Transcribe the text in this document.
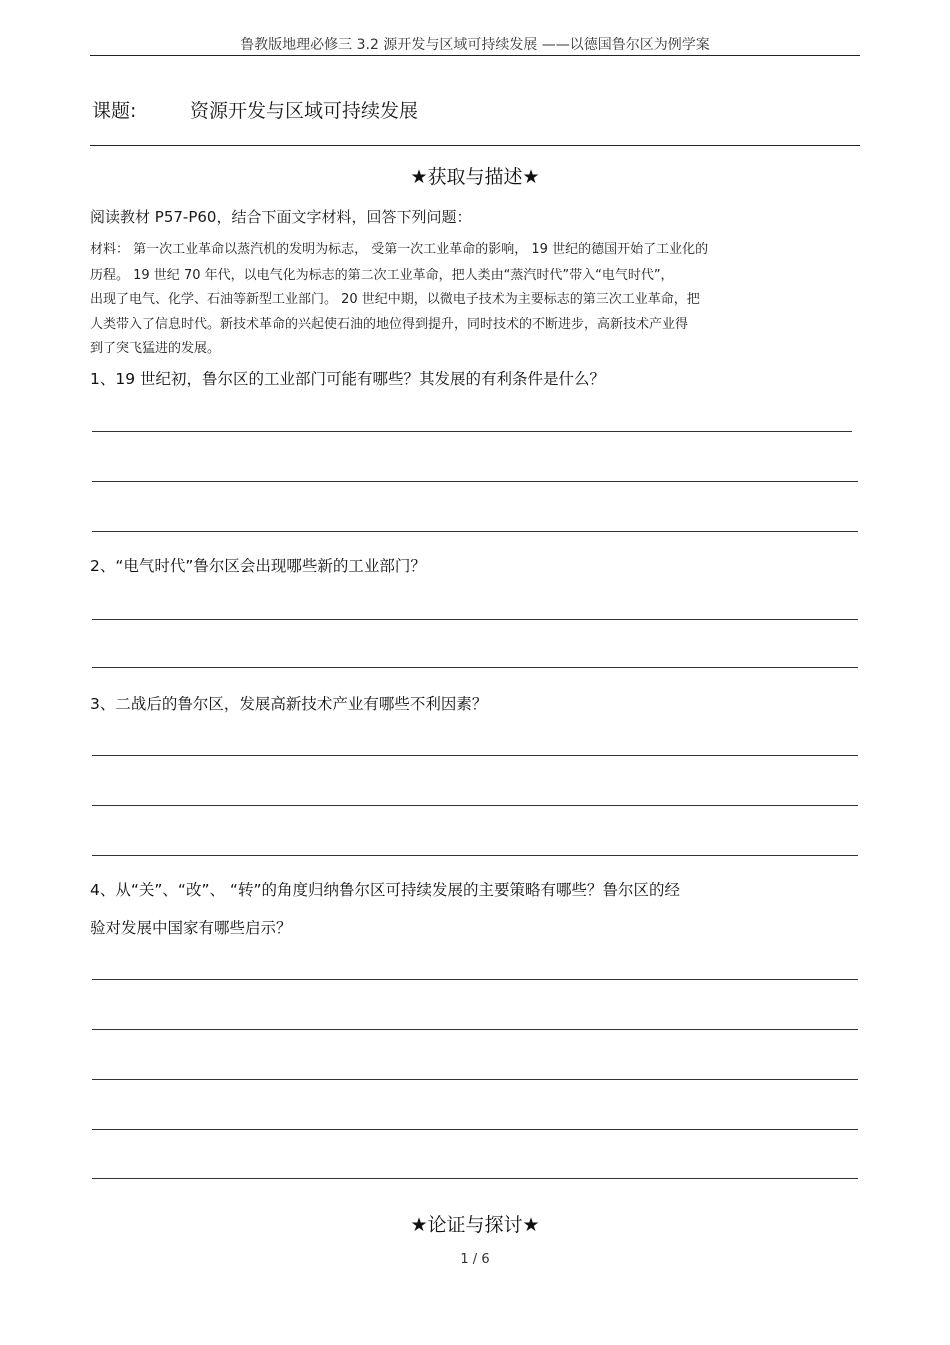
鲁教版地理必修三 3.2 源开发与区域可持续发展 ——以德国鲁尔区为例学案
课题:	资源开发与区域可持续发展
★获取与描述★
阅读教材 P57-P60，结合下面文字材料，回答下列问题：
材料： 第一次工业革命以蒸汽机的发明为标志， 受第一次工业革命的影响， 19 世纪的德国开始了工业化的
历程。 19 世纪 70 年代，以电气化为标志的第二次工业革命，把人类由“蒸汽时代”带入“电气时代”，
出现了电气、化学、石油等新型工业部门。 20 世纪中期，以微电子技术为主要标志的第三次工业革命，把
人类带入了信息时代。新技术革命的兴起使石油的地位得到提升，同时技术的不断进步，高新技术产业得
到了突飞猛进的发展。
1、19 世纪初，鲁尔区的工业部门可能有哪些？其发展的有利条件是什么？
2、“电气时代”鲁尔区会出现哪些新的工业部门？
3、二战后的鲁尔区，发展高新技术产业有哪些不利因素？
4、从“关”、“改”、 “转”的角度归纳鲁尔区可持续发展的主要策略有哪些？鲁尔区的经
验对发展中国家有哪些启示？
★论证与探讨★
1 / 6
